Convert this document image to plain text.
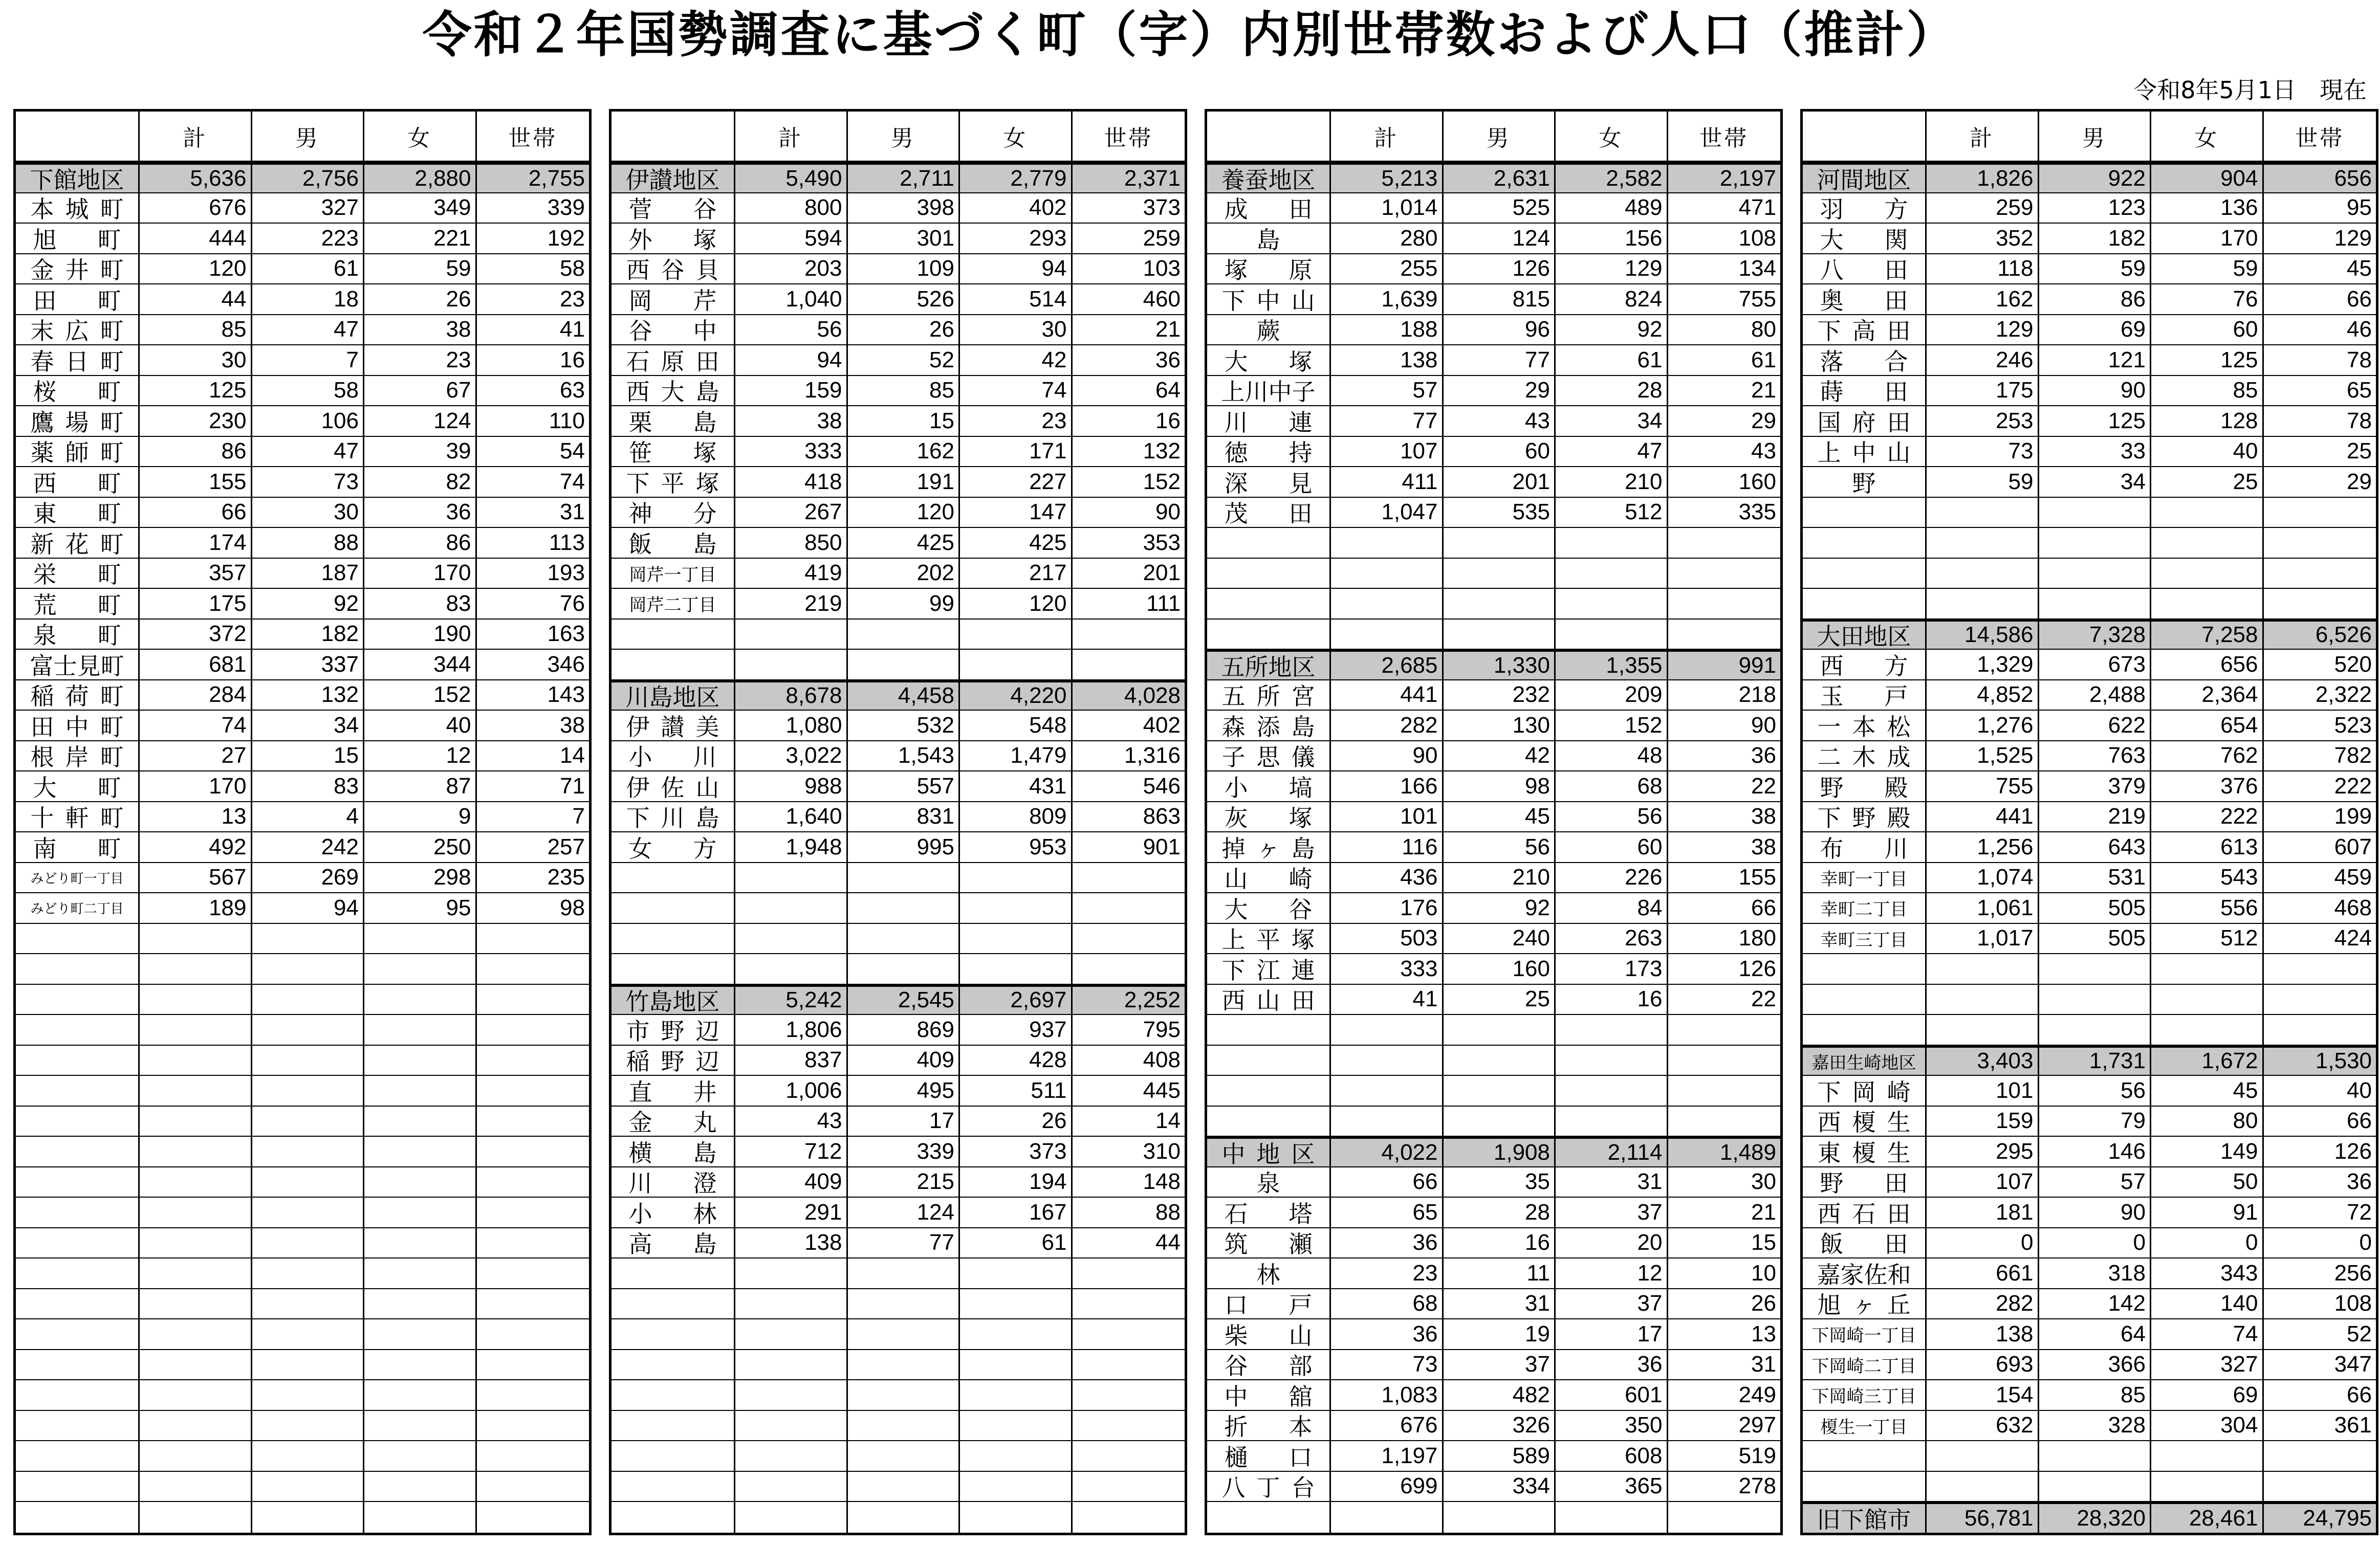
令和２年国勢調査に基づく町（字）内別世帯数および人口（推計）
令和8年5月1日　現在
計	男	女	世帯
下館地区	5,636	2,756	2,880	2,755
本城町	676	327	349	339
旭町	444	223	221	192
金井町	120	61	59	58
田町	44	18	26	23
末広町	85	47	38	41
春日町	30	7	23	16
桜町	125	58	67	63
鷹場町	230	106	124	110
薬師町	86	47	39	54
西町	155	73	82	74
東町	66	30	36	31
新花町	174	88	86	113
栄町	357	187	170	193
荒町	175	92	83	76
泉町	372	182	190	163
富士見町	681	337	344	346
稲荷町	284	132	152	143
田中町	74	34	40	38
根岸町	27	15	12	14
大町	170	83	87	71
十軒町	13	4	9	7
南町	492	242	250	257
みどり町一丁目	567	269	298	235
みどり町二丁目	189	94	95	98
計	男	女	世帯
伊讃地区	5,490	2,711	2,779	2,371
菅谷	800	398	402	373
外塚	594	301	293	259
西谷貝	203	109	94	103
岡芹	1,040	526	514	460
谷中	56	26	30	21
石原田	94	52	42	36
西大島	159	85	74	64
栗島	38	15	23	16
笹塚	333	162	171	132
下平塚	418	191	227	152
神分	267	120	147	90
飯島	850	425	425	353
岡芹一丁目	419	202	217	201
岡芹二丁目	219	99	120	111
川島地区	8,678	4,458	4,220	4,028
伊讃美	1,080	532	548	402
小川	3,022	1,543	1,479	1,316
伊佐山	988	557	431	546
下川島	1,640	831	809	863
女方	1,948	995	953	901
竹島地区	5,242	2,545	2,697	2,252
市野辺	1,806	869	937	795
稲野辺	837	409	428	408
直井	1,006	495	511	445
金丸	43	17	26	14
横島	712	339	373	310
川澄	409	215	194	148
小林	291	124	167	88
高島	138	77	61	44
計	男	女	世帯
養蚕地区	5,213	2,631	2,582	2,197
成田	1,014	525	489	471
島	280	124	156	108
塚原	255	126	129	134
下中山	1,639	815	824	755
蕨	188	96	92	80
大塚	138	77	61	61
上川中子	57	29	28	21
川連	77	43	34	29
徳持	107	60	47	43
深見	411	201	210	160
茂田	1,047	535	512	335
五所地区	2,685	1,330	1,355	991
五所宮	441	232	209	218
森添島	282	130	152	90
子思儀	90	42	48	36
小塙	166	98	68	22
灰塚	101	45	56	38
掉ヶ島	116	56	60	38
山崎	436	210	226	155
大谷	176	92	84	66
上平塚	503	240	263	180
下江連	333	160	173	126
西山田	41	25	16	22
中地区	4,022	1,908	2,114	1,489
泉	66	35	31	30
石塔	65	28	37	21
筑瀬	36	16	20	15
林	23	11	12	10
口戸	68	31	37	26
柴山	36	19	17	13
谷部	73	37	36	31
中舘	1,083	482	601	249
折本	676	326	350	297
樋口	1,197	589	608	519
八丁台	699	334	365	278
計	男	女	世帯
河間地区	1,826	922	904	656
羽方	259	123	136	95
大関	352	182	170	129
八田	118	59	59	45
奥田	162	86	76	66
下高田	129	69	60	46
落合	246	121	125	78
蒔田	175	90	85	65
国府田	253	125	128	78
上中山	73	33	40	25
野	59	34	25	29
大田地区	14,586	7,328	7,258	6,526
西方	1,329	673	656	520
玉戸	4,852	2,488	2,364	2,322
一本松	1,276	622	654	523
二木成	1,525	763	762	782
野殿	755	379	376	222
下野殿	441	219	222	199
布川	1,256	643	613	607
幸町一丁目	1,074	531	543	459
幸町二丁目	1,061	505	556	468
幸町三丁目	1,017	505	512	424
嘉田生崎地区	3,403	1,731	1,672	1,530
下岡崎	101	56	45	40
西榎生	159	79	80	66
東榎生	295	146	149	126
野田	107	57	50	36
西石田	181	90	91	72
飯田	0	0	0	0
嘉家佐和	661	318	343	256
旭ヶ丘	282	142	140	108
下岡崎一丁目	138	64	74	52
下岡崎二丁目	693	366	327	347
下岡崎三丁目	154	85	69	66
榎生一丁目	632	328	304	361
旧下館市	56,781	28,320	28,461	24,795
